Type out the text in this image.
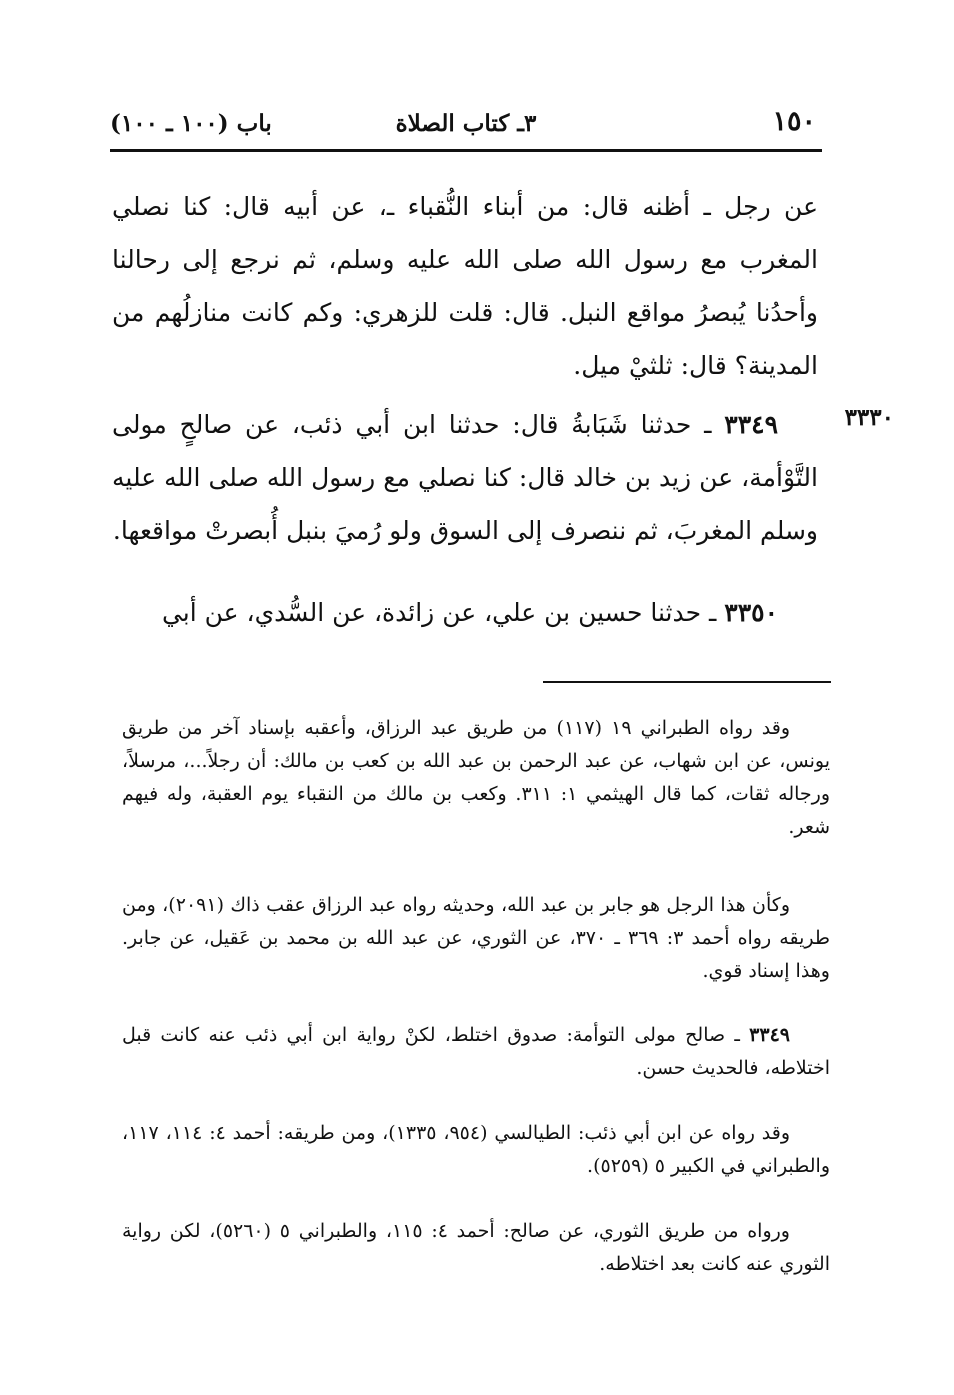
١٥٠
٣ـ كتاب الصلاة
باب (١٠٠ ـ ١٠٠)

عن رجل ـ أظنه قال: من أبناء النُّقباء ـ، عن أبيه قال: كنا نصلي المغرب مع رسول الله صلى الله عليه وسلم، ثم نرجع إلى رحالنا وأحدُنا يُبصرُ مواقع النبل. قال: قلت للزهري: وكم كانت منازلُهم من المدينة؟ قال: ثلثيْ ميل.

٣٣٣٠

٣٣٤٩ ـ حدثنا شَبَابةُ قال: حدثنا ابن أبي ذئب، عن صالحٍ مولى التَّوْأمة، عن زيد بن خالد قال: كنا نصلي مع رسول الله صلى الله عليه وسلم المغربَ، ثم ننصرف إلى السوق ولو رُميَ بنبل أُبصرتْ مواقعها.

٣٣٥٠ ـ حدثنا حسين بن علي، عن زائدة، عن السُّدي، عن أبي

وقد رواه الطبراني ١٩ (١١٧) من طريق عبد الرزاق، وأعقبه بإسناد آخر من طريق يونس، عن ابن شهاب، عن عبد الرحمن بن عبد الله بن كعب بن مالك: أن رجلاً...، مرسلاً، ورجاله ثقات، كما قال الهيثمي ١: ٣١١. وكعب بن مالك من النقباء يوم العقبة، وله فيهم شعر.

وكأن هذا الرجل هو جابر بن عبد الله، وحديثه رواه عبد الرزاق عقب ذاك (٢٠٩١)، ومن طريقه رواه أحمد ٣: ٣٦٩ ـ ٣٧٠، عن الثوري، عن عبد الله بن محمد بن عَقيل، عن جابر. وهذا إسناد قوي.

٣٣٤٩ ـ صالح مولى التوأمة: صدوق اختلط، لكنْ رواية ابن أبي ذئب عنه كانت قبل اختلاطه، فالحديث حسن.

وقد رواه عن ابن أبي ذئب: الطيالسي (٩٥٤، ١٣٣٥)، ومن طريقه: أحمد ٤: ١١٤، ١١٧، والطبراني في الكبير ٥ (٥٢٥٩).

ورواه من طريق الثوري، عن صالح: أحمد ٤: ١١٥، والطبراني ٥ (٥٢٦٠)، لكن رواية الثوري عنه كانت بعد اختلاطه.
